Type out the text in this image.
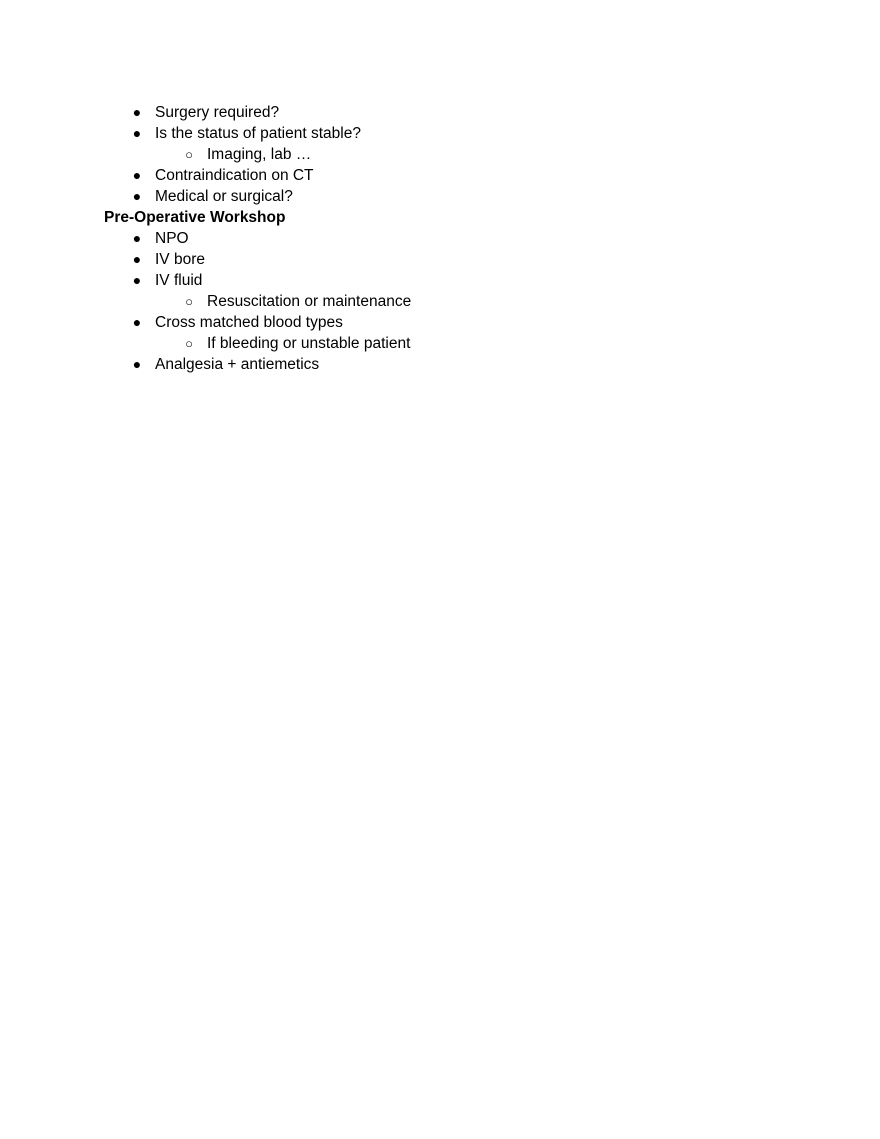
● Surgery required?
● Is the status of patient stable?
○ Imaging, lab …
● Contraindication on CT
● Medical or surgical?
Pre-Operative Workshop
● NPO
● IV bore
● IV fluid
○ Resuscitation or maintenance
● Cross matched blood types
○ If bleeding or unstable patient
● Analgesia + antiemetics
